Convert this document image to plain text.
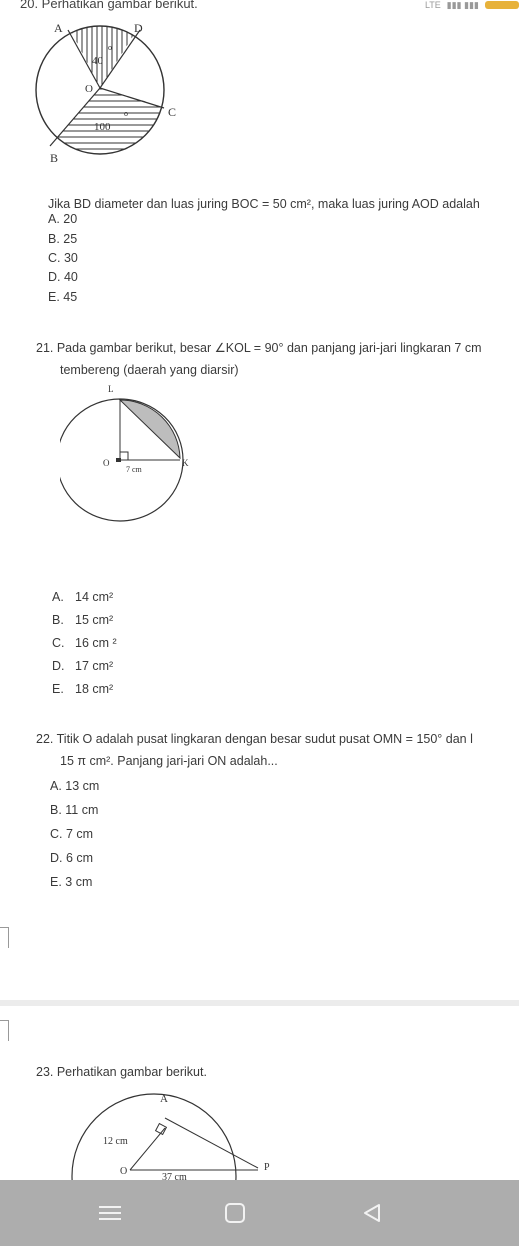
20. Perhatikan gambar berikut.	LTE ▮▮▮ ▮▮▮
A	D
O
C
B
40
o
100
o
Jika BD diameter dan luas juring BOC = 50 cm², maka luas juring AOD adalah
A. 20
B. 25
C. 30
D. 40
E. 45
21. Pada gambar berikut, besar ∠KOL = 90° dan panjang jari-jari lingkaran 7 cm
tembereng (daerah yang diarsir)
L
O	K
7 cm
A. 14 cm²
B. 15 cm²
C. 16 cm ²
D. 17 cm²
E. 18 cm²
22. Titik O adalah pusat lingkaran dengan besar sudut pusat OMN = 150° dan l
15 π cm². Panjang jari-jari ON adalah...
A. 13 cm
B. 11 cm
C. 7 cm
D. 6 cm
E. 3 cm
23. Perhatikan gambar berikut.
A
12 cm
O	P
37 cm
